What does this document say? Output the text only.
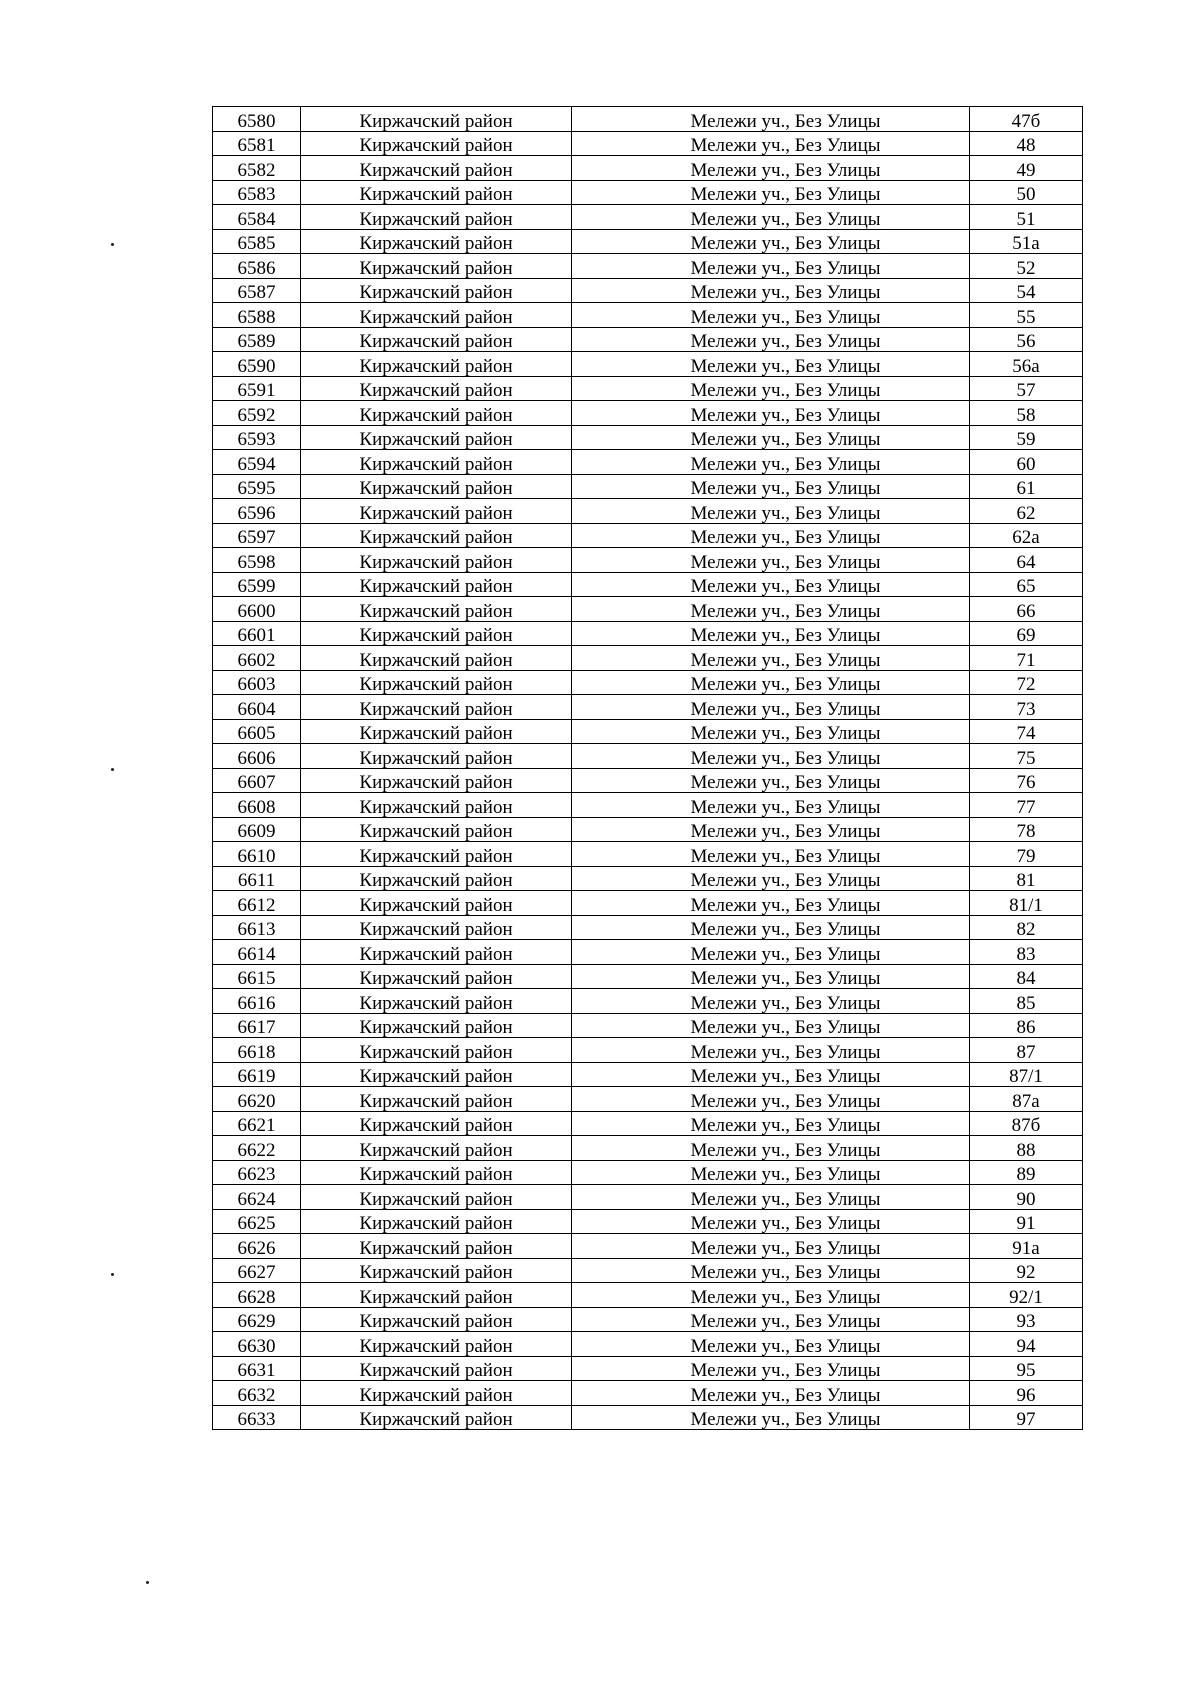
6580	Киржачский район	Мележи уч., Без Улицы	47б
6581	Киржачский район	Мележи уч., Без Улицы	48
6582	Киржачский район	Мележи уч., Без Улицы	49
6583	Киржачский район	Мележи уч., Без Улицы	50
6584	Киржачский район	Мележи уч., Без Улицы	51
6585	Киржачский район	Мележи уч., Без Улицы	51а
6586	Киржачский район	Мележи уч., Без Улицы	52
6587	Киржачский район	Мележи уч., Без Улицы	54
6588	Киржачский район	Мележи уч., Без Улицы	55
6589	Киржачский район	Мележи уч., Без Улицы	56
6590	Киржачский район	Мележи уч., Без Улицы	56а
6591	Киржачский район	Мележи уч., Без Улицы	57
6592	Киржачский район	Мележи уч., Без Улицы	58
6593	Киржачский район	Мележи уч., Без Улицы	59
6594	Киржачский район	Мележи уч., Без Улицы	60
6595	Киржачский район	Мележи уч., Без Улицы	61
6596	Киржачский район	Мележи уч., Без Улицы	62
6597	Киржачский район	Мележи уч., Без Улицы	62а
6598	Киржачский район	Мележи уч., Без Улицы	64
6599	Киржачский район	Мележи уч., Без Улицы	65
6600	Киржачский район	Мележи уч., Без Улицы	66
6601	Киржачский район	Мележи уч., Без Улицы	69
6602	Киржачский район	Мележи уч., Без Улицы	71
6603	Киржачский район	Мележи уч., Без Улицы	72
6604	Киржачский район	Мележи уч., Без Улицы	73
6605	Киржачский район	Мележи уч., Без Улицы	74
6606	Киржачский район	Мележи уч., Без Улицы	75
6607	Киржачский район	Мележи уч., Без Улицы	76
6608	Киржачский район	Мележи уч., Без Улицы	77
6609	Киржачский район	Мележи уч., Без Улицы	78
6610	Киржачский район	Мележи уч., Без Улицы	79
6611	Киржачский район	Мележи уч., Без Улицы	81
6612	Киржачский район	Мележи уч., Без Улицы	81/1
6613	Киржачский район	Мележи уч., Без Улицы	82
6614	Киржачский район	Мележи уч., Без Улицы	83
6615	Киржачский район	Мележи уч., Без Улицы	84
6616	Киржачский район	Мележи уч., Без Улицы	85
6617	Киржачский район	Мележи уч., Без Улицы	86
6618	Киржачский район	Мележи уч., Без Улицы	87
6619	Киржачский район	Мележи уч., Без Улицы	87/1
6620	Киржачский район	Мележи уч., Без Улицы	87а
6621	Киржачский район	Мележи уч., Без Улицы	87б
6622	Киржачский район	Мележи уч., Без Улицы	88
6623	Киржачский район	Мележи уч., Без Улицы	89
6624	Киржачский район	Мележи уч., Без Улицы	90
6625	Киржачский район	Мележи уч., Без Улицы	91
6626	Киржачский район	Мележи уч., Без Улицы	91а
6627	Киржачский район	Мележи уч., Без Улицы	92
6628	Киржачский район	Мележи уч., Без Улицы	92/1
6629	Киржачский район	Мележи уч., Без Улицы	93
6630	Киржачский район	Мележи уч., Без Улицы	94
6631	Киржачский район	Мележи уч., Без Улицы	95
6632	Киржачский район	Мележи уч., Без Улицы	96
6633	Киржачский район	Мележи уч., Без Улицы	97
